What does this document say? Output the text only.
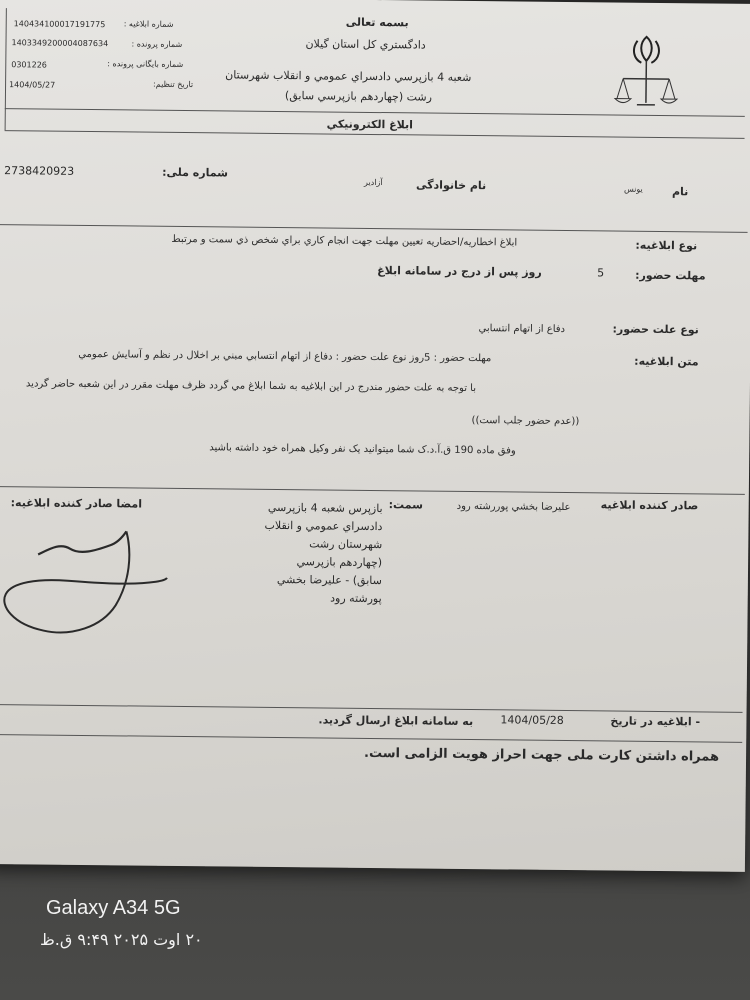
شماره ابلاغیه :
140434100017191775
شماره پرونده :
1403349200004087634
شماره بایگانی پرونده :
0301226
تاریخ تنظیم:
1404/05/27
بسمه تعالی
دادگستري كل استان گیلان
شعبه 4 بازپرسي دادسراي عمومي و انقلاب شهرستان
رشت (چهاردهم بازپرسي سابق)
ابلاغ الكترونیكي
نام
یونس
نام خانوادگی
آزادیر
شماره ملی:
2738420923
نوع ابلاغیه:
ابلاغ اخطاریه/احضاریه تعیین مهلت جهت انجام كاري براي شخص ذي سمت و مرتبط
مهلت حضور:
5
روز پس از درج در سامانه ابلاغ
نوع علت حضور:
دفاع از اتهام انتسابي
متن ابلاغیه:
مهلت حضور : 5روز نوع علت حضور : دفاع از اتهام انتسابي مبني بر اخلال در نظم و آسايش عمومي
با توجه به علت حضور مندرج در این ابلاغیه به شما ابلاغ مي گردد ظرف مهلت مقرر در این شعبه حاضر گردید
((عدم حضور جلب است))
وفق ماده 190 ق.آ.د.ک شما میتوانید یک نفر وكیل همراه خود داشته باشید
صادر كننده ابلاغیه
علیرضا بخشي پوررشته رود
سمت:
بازپرس شعبه 4 بازپرسي
دادسراي عمومي و انقلاب
شهرستان رشت
(چهاردهم بازپرسي
سابق) - علیرضا بخشي
پورشته رود
امضا صادر كننده ابلاغیه:
- ابلاغیه در تاریخ
1404/05/28
به سامانه ابلاغ ارسال گردید.
همراه داشتن كارت ملی جهت احراز هویت الزامی است.
Galaxy A34 5G
۲۰ اوت ۲۰۲۵ ۹:۴۹ ق.ظ
